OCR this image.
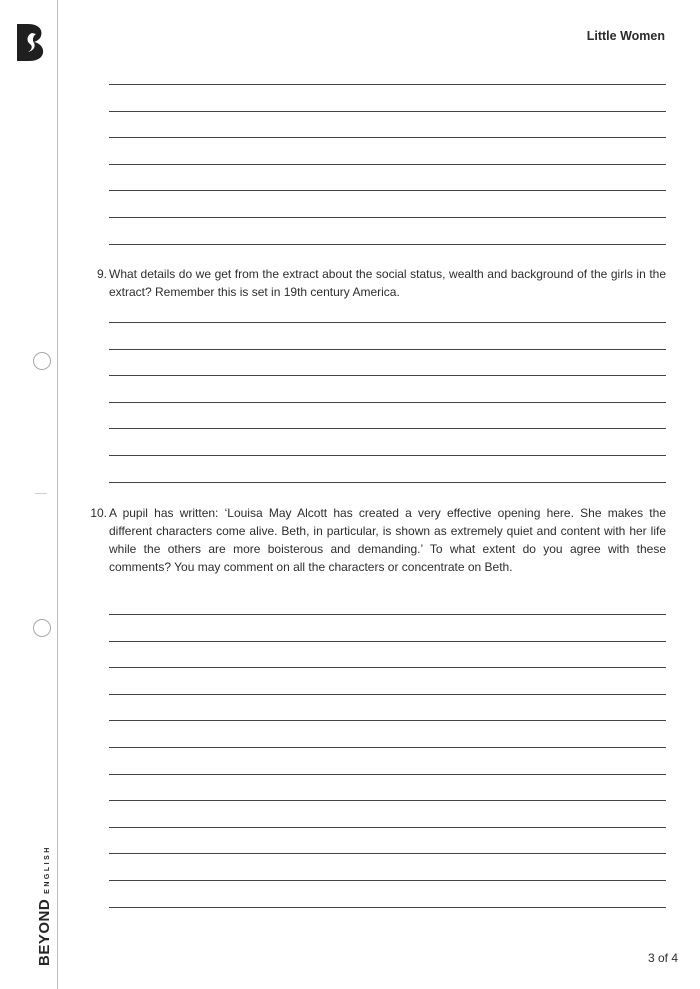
BEYOND
ENGLISH
Little Women
9. What details do we get from the extract about the social status, wealth and background of the girls in the extract? Remember this is set in 19th century America.
10. A pupil has written: ‘Louisa May Alcott has created a very effective opening here. She makes the different characters come alive. Beth, in particular, is shown as extremely quiet and content with her life while the others are more boisterous and demanding.’ To what extent do you agree with these comments? You may comment on all the characters or concentrate on Beth.
3 of 4
